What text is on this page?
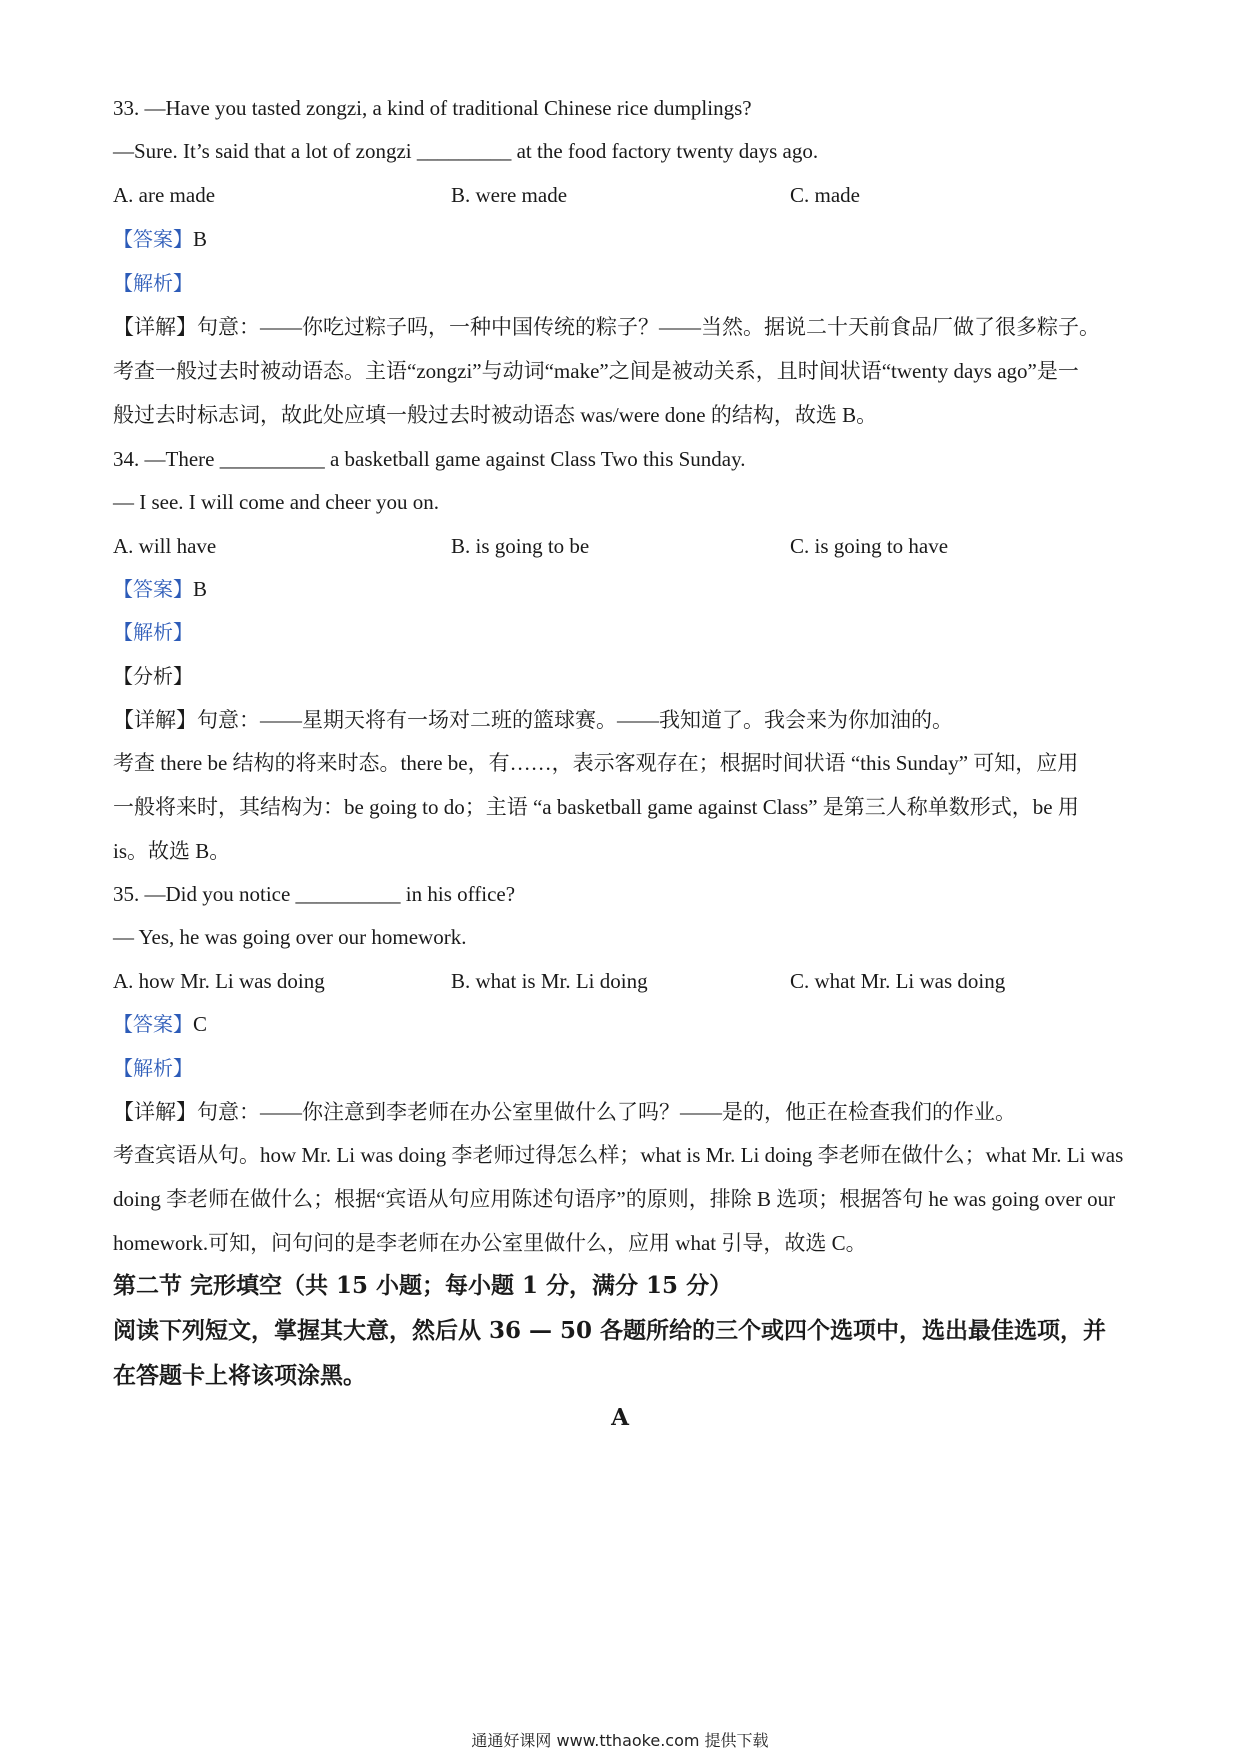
33. —Have you tasted zongzi, a kind of traditional Chinese rice dumplings?
—Sure. It’s said that a lot of zongzi _________ at the food factory twenty days ago.
A. are made	B. were made	C. made
【答案】B
【解析】
【详解】句意：——你吃过粽子吗，一种中国传统的粽子？——当然。据说二十天前食品厂做了很多粽子。
考查一般过去时被动语态。主语“zongzi”与动词“make”之间是被动关系，且时间状语“twenty days ago”是一
般过去时标志词，故此处应填一般过去时被动语态 was/were done 的结构，故选 B。
34. —There __________ a basketball game against Class Two this Sunday.
— I see. I will come and cheer you on.
A. will have	B. is going to be	C. is going to have
【答案】B
【解析】
【分析】
【详解】句意：——星期天将有一场对二班的篮球赛。——我知道了。我会来为你加油的。
考查 there be 结构的将来时态。there be，有……，表示客观存在；根据时间状语 “this Sunday” 可知，应用
一般将来时，其结构为：be going to do；主语 “a basketball game against Class” 是第三人称单数形式，be 用
is。故选 B。
35. —Did you notice __________ in his office?
— Yes, he was going over our homework.
A. how Mr. Li was doing	B. what is Mr. Li doing	C. what Mr. Li was doing
【答案】C
【解析】
【详解】句意：——你注意到李老师在办公室里做什么了吗？——是的，他正在检查我们的作业。
考查宾语从句。how Mr. Li was doing 李老师过得怎么样；what is Mr. Li doing 李老师在做什么；what Mr. Li was
doing 李老师在做什么；根据“宾语从句应用陈述句语序”的原则，排除 B 选项；根据答句 he was going over our
homework.可知，问句问的是李老师在办公室里做什么，应用 what 引导，故选 C。
第二节 完形填空（共 15 小题；每小题 1 分，满分 15 分）
阅读下列短文，掌握其大意，然后从 36 — 50 各题所给的三个或四个选项中，选出最佳选项，并
在答题卡上将该项涂黑。
A
通通好课网 www.tthaoke.com 提供下载
